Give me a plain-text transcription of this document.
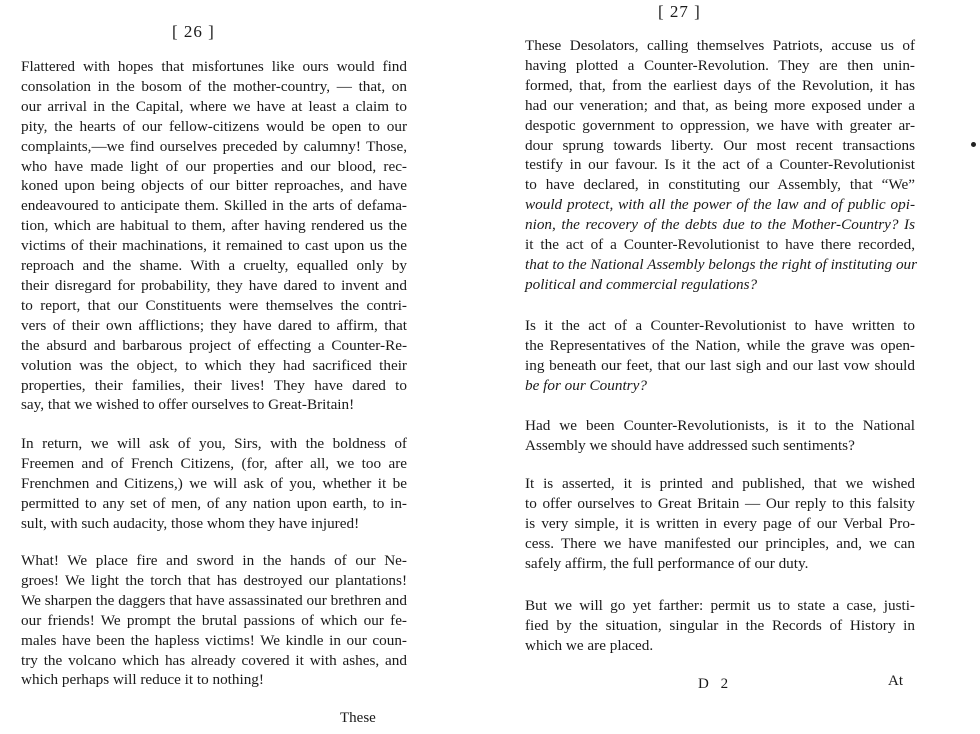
[ 26 ]
Flattered with hopes that misfortunes like ours would find
consolation in the bosom of the mother-country, — that, on
our arrival in the Capital, where we have at least a claim to
pity, the hearts of our fellow-citizens would be open to our
complaints,—we find ourselves preceded by calumny! Those,
who have made light of our properties and our blood, rec-
koned upon being objects of our bitter reproaches, and have
endeavoured to anticipate them. Skilled in the arts of defama-
tion, which are habitual to them, after having rendered us the
victims of their machinations, it remained to cast upon us the
reproach and the shame. With a cruelty, equalled only by
their disregard for probability, they have dared to invent and
to report, that our Constituents were themselves the contri-
vers of their own afflictions; they have dared to affirm, that
the absurd and barbarous project of effecting a Counter-Re-
volution was the object, to which they had sacrificed their
properties, their families, their lives! They have dared to
say, that we wished to offer ourselves to Great-Britain!
In return, we will ask of you, Sirs, with the boldness of
Freemen and of French Citizens, (for, after all, we too are
Frenchmen and Citizens,) we will ask of you, whether it be
permitted to any set of men, of any nation upon earth, to in-
sult, with such audacity, those whom they have injured!
What! We place fire and sword in the hands of our Ne-
groes! We light the torch that has destroyed our plantations!
We sharpen the daggers that have assassinated our brethren and
our friends! We prompt the brutal passions of which our fe-
males have been the hapless victims! We kindle in our coun-
try the volcano which has already covered it with ashes, and
which perhaps will reduce it to nothing!
These
[ 27 ]
These Desolators, calling themselves Patriots, accuse us of
having plotted a Counter-Revolution. They are then unin-
formed, that, from the earliest days of the Revolution, it has
had our veneration; and that, as being more exposed under a
despotic government to oppression, we have with greater ar-
dour sprung towards liberty. Our most recent transactions
testify in our favour. Is it the act of a Counter-Revolutionist
to have declared, in constituting our Assembly, that “We”
would protect, with all the power of the law and of public opi-
nion, the recovery of the debts due to the Mother-Country? Is
it the act of a Counter-Revolutionist to have there recorded,
that to the National Assembly belongs the right of instituting our
political and commercial regulations?
Is it the act of a Counter-Revolutionist to have written to
the Representatives of the Nation, while the grave was open-
ing beneath our feet, that our last sigh and our last vow should
be for our Country?
Had we been Counter-Revolutionists, is it to the National
Assembly we should have addressed such sentiments?
It is asserted, it is printed and published, that we wished
to offer ourselves to Great Britain — Our reply to this falsity
is very simple, it is written in every page of our Verbal Pro-
cess. There we have manifested our principles, and, we can
safely affirm, the full performance of our duty.
But we will go yet farther: permit us to state a case, justi-
fied by the situation, singular in the Records of History in
which we are placed.
D 2	At
